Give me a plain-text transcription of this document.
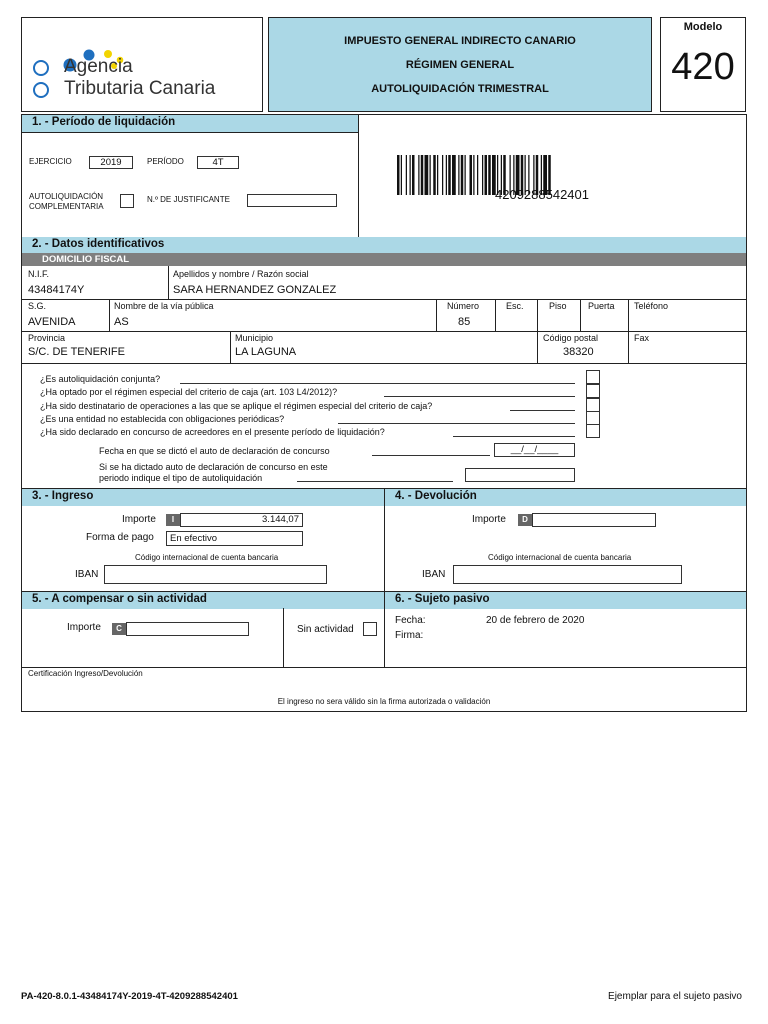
Agencia
Tributaria Canaria
IMPUESTO GENERAL INDIRECTO CANARIO
RÉGIMEN GENERAL
AUTOLIQUIDACIÓN TRIMESTRAL
Modelo
420
1. - Período de liquidación
EJERCICIO	2019	PERÍODO	4T
AUTOLIQUIDACIÓN
COMPLEMENTARIA
N.º DE JUSTIFICANTE	4209288542401
2. - Datos identificativos
DOMICILIO FISCAL
N.I.F.
43484174Y
Apellidos y nombre / Razón social
SARA HERNANDEZ GONZALEZ
S.G.
AVENIDA
Nombre de la vía pública
AS
Número
85
Esc.	Piso Puerta Teléfono
Provincia
S/C. DE TENERIFE
Municipio
LA LAGUNA
Código postal
38320
Fax
¿Es autoliquidación conjunta?
¿Ha optado por el régimen especial del criterio de caja (art. 103 L4/2012)?
¿Ha sido destinatario de operaciones a las que se aplique el régimen especial del criterio de caja?
¿Es una entidad no establecida con obligaciones periódicas?
¿Ha sido declarado en concurso de acreedores en el presente período de liquidación?
Fecha en que se dictó el auto de declaración de concurso	__/__/____
Si se ha dictado auto de declaración de concurso en este
periodo indique el tipo de autoliquidación
3. - Ingreso	4. - Devolución
Importe	I	3.144,07
Forma de pago	En efectivo
Código internacional de cuenta bancaria
IBAN
Importe	D
Código internacional de cuenta bancaria
IBAN
5. - A compensar o sin actividad	6. - Sujeto pasivo
Importe	C	Sin actividad
Fecha:	20 de febrero de 2020
Firma:
Certificación Ingreso/Devolución
El ingreso no sera válido sin la firma autorizada o validación
PA-420-8.0.1-43484174Y-2019-4T-4209288542401	Ejemplar para el sujeto pasivo
